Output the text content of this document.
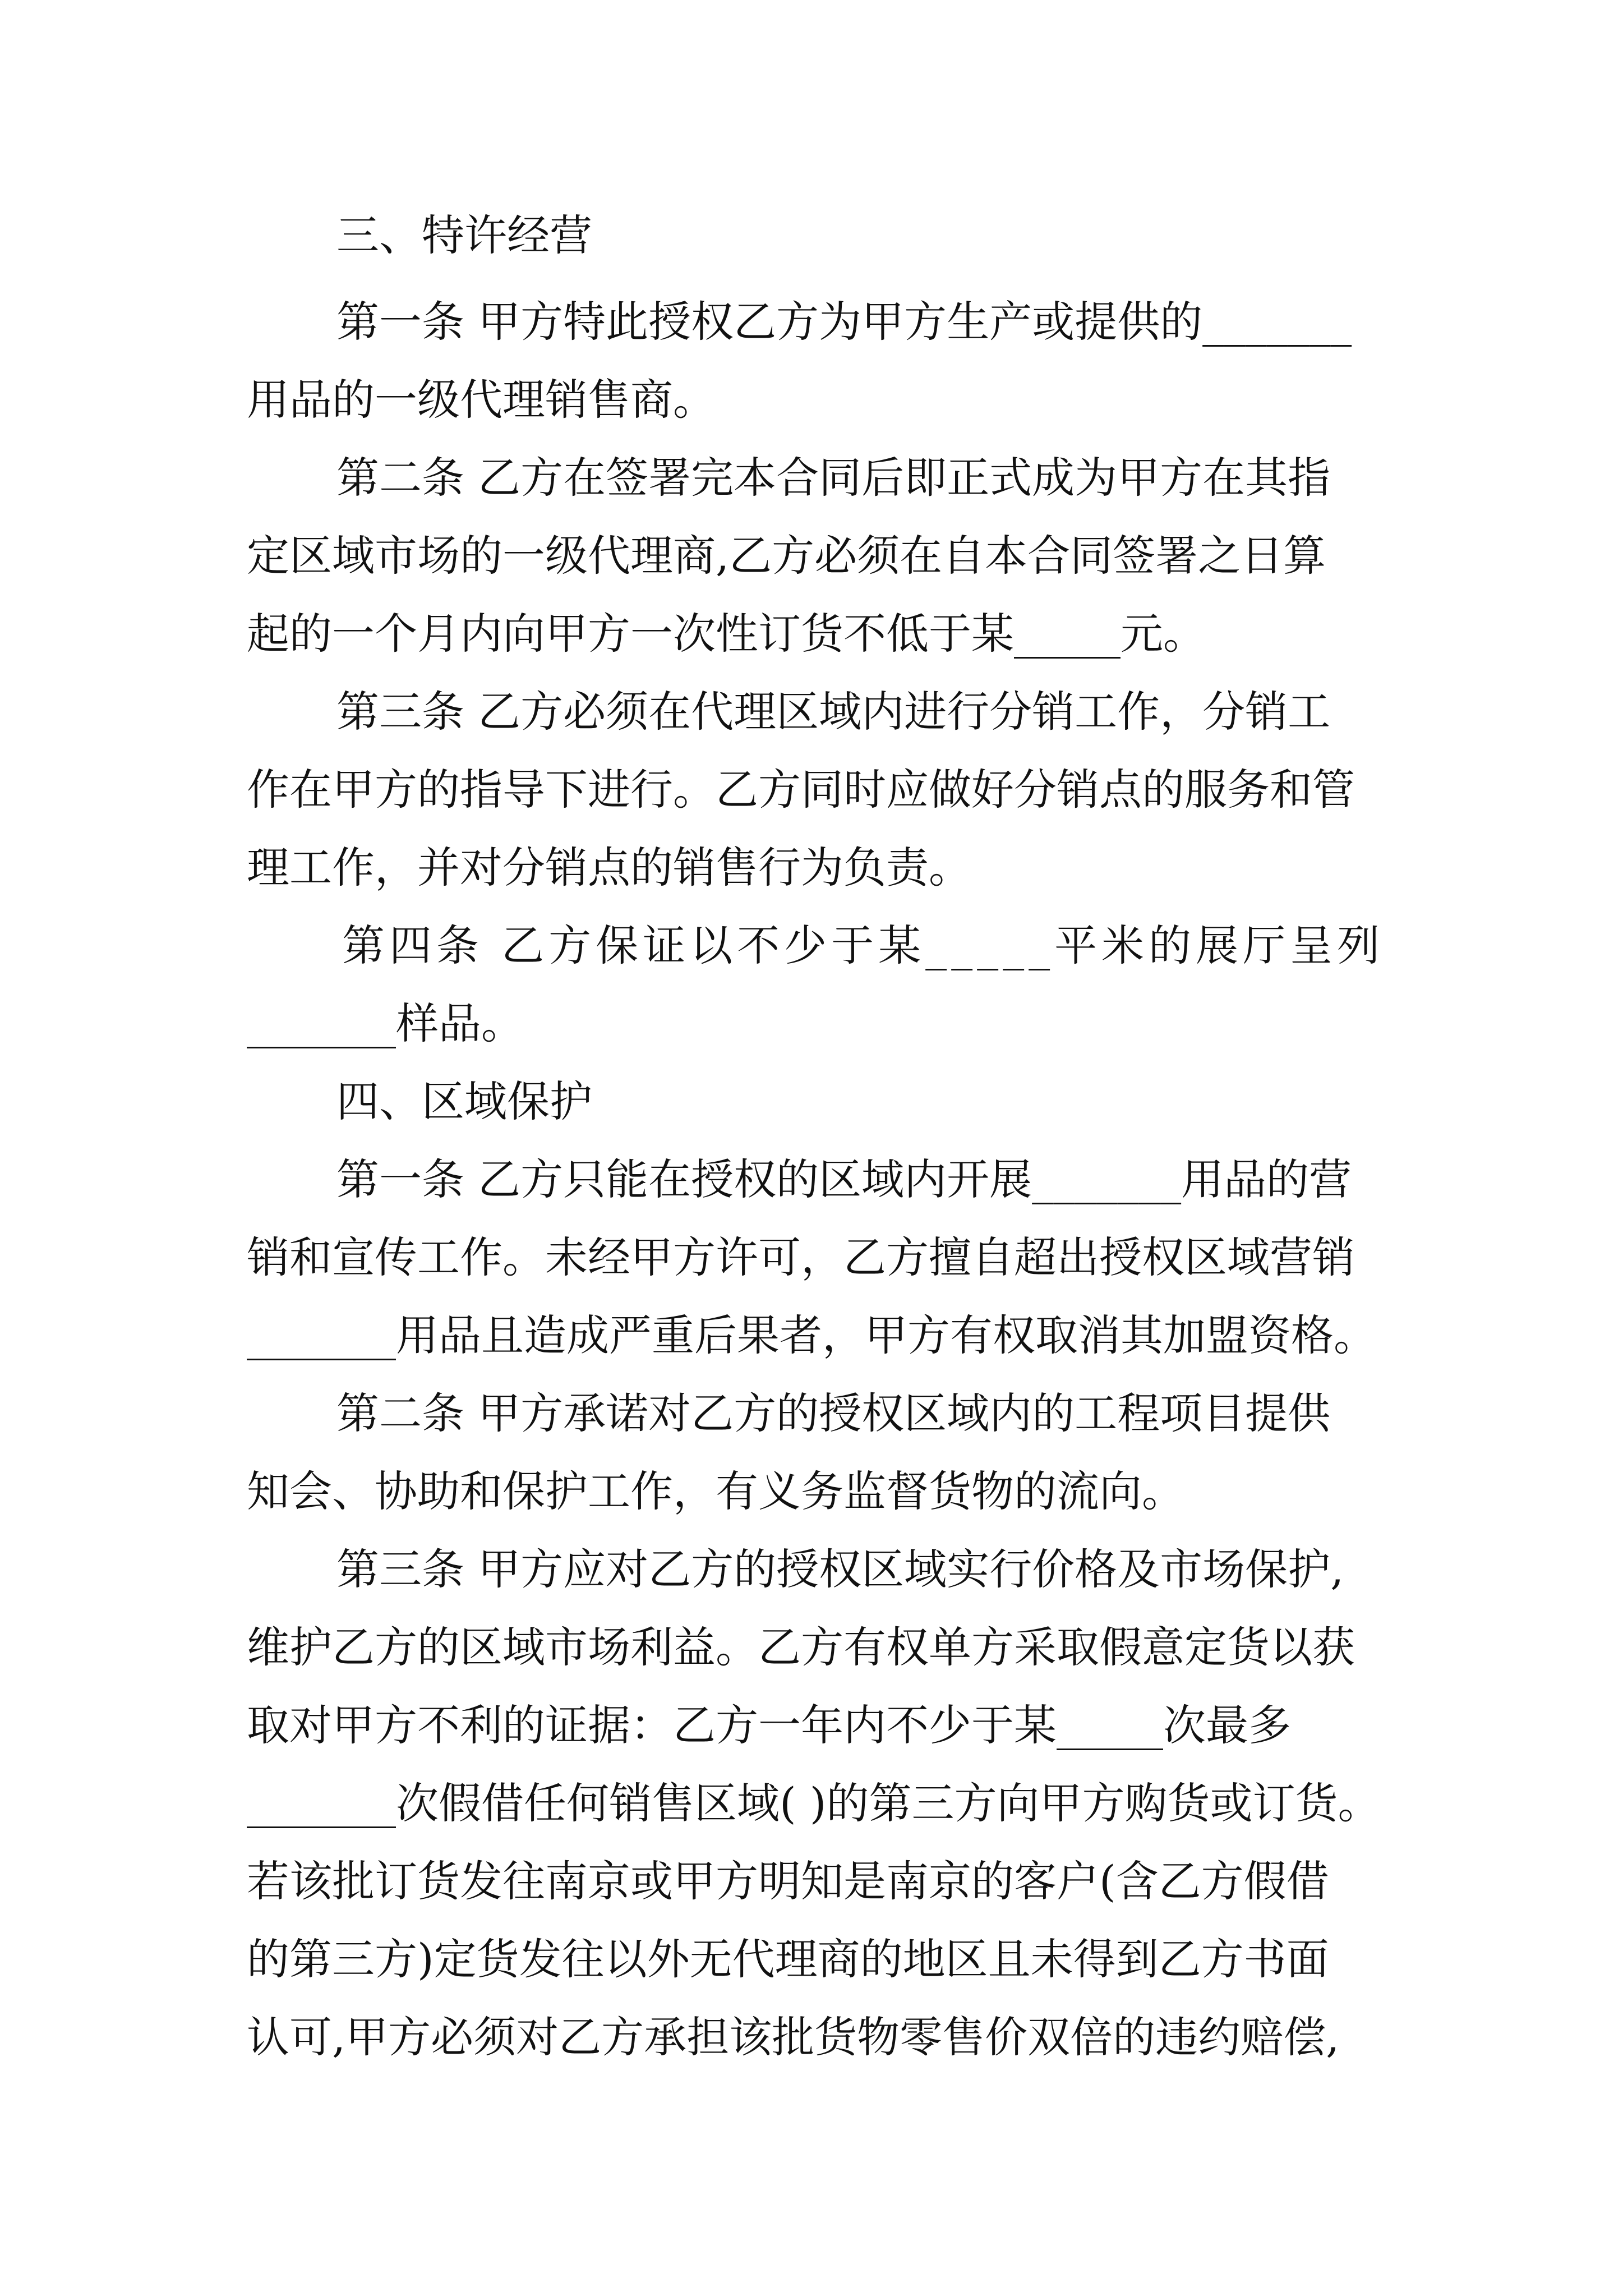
三、特许经营
第一条 甲方特此授权乙方为甲方生产或提供的_______
用品的一级代理销售商。
第二条 乙方在签署完本合同后即正式成为甲方在其指
定区域市场的一级代理商,乙方必须在自本合同签署之日算
起的一个月内向甲方一次性订货不低于某_____元。
第三条 乙方必须在代理区域内进行分销工作，分销工
作在甲方的指导下进行。乙方同时应做好分销点的服务和管
理工作，并对分销点的销售行为负责。
第四条 乙方保证以不少于某_____平米的展厅呈列
_______样品。
四、区域保护
第一条 乙方只能在授权的区域内开展_______用品的营
销和宣传工作。未经甲方许可，乙方擅自超出授权区域营销
_______用品且造成严重后果者，甲方有权取消其加盟资格。
第二条 甲方承诺对乙方的授权区域内的工程项目提供
知会、协助和保护工作，有义务监督货物的流向。
第三条 甲方应对乙方的授权区域实行价格及市场保护,
维护乙方的区域市场利益。乙方有权单方采取假意定货以获
取对甲方不利的证据：乙方一年内不少于某_____次最多
_______次假借任何销售区域( )的第三方向甲方购货或订货。
若该批订货发往南京或甲方明知是南京的客户(含乙方假借
的第三方)定货发往以外无代理商的地区且未得到乙方书面
认可,甲方必须对乙方承担该批货物零售价双倍的违约赔偿,
